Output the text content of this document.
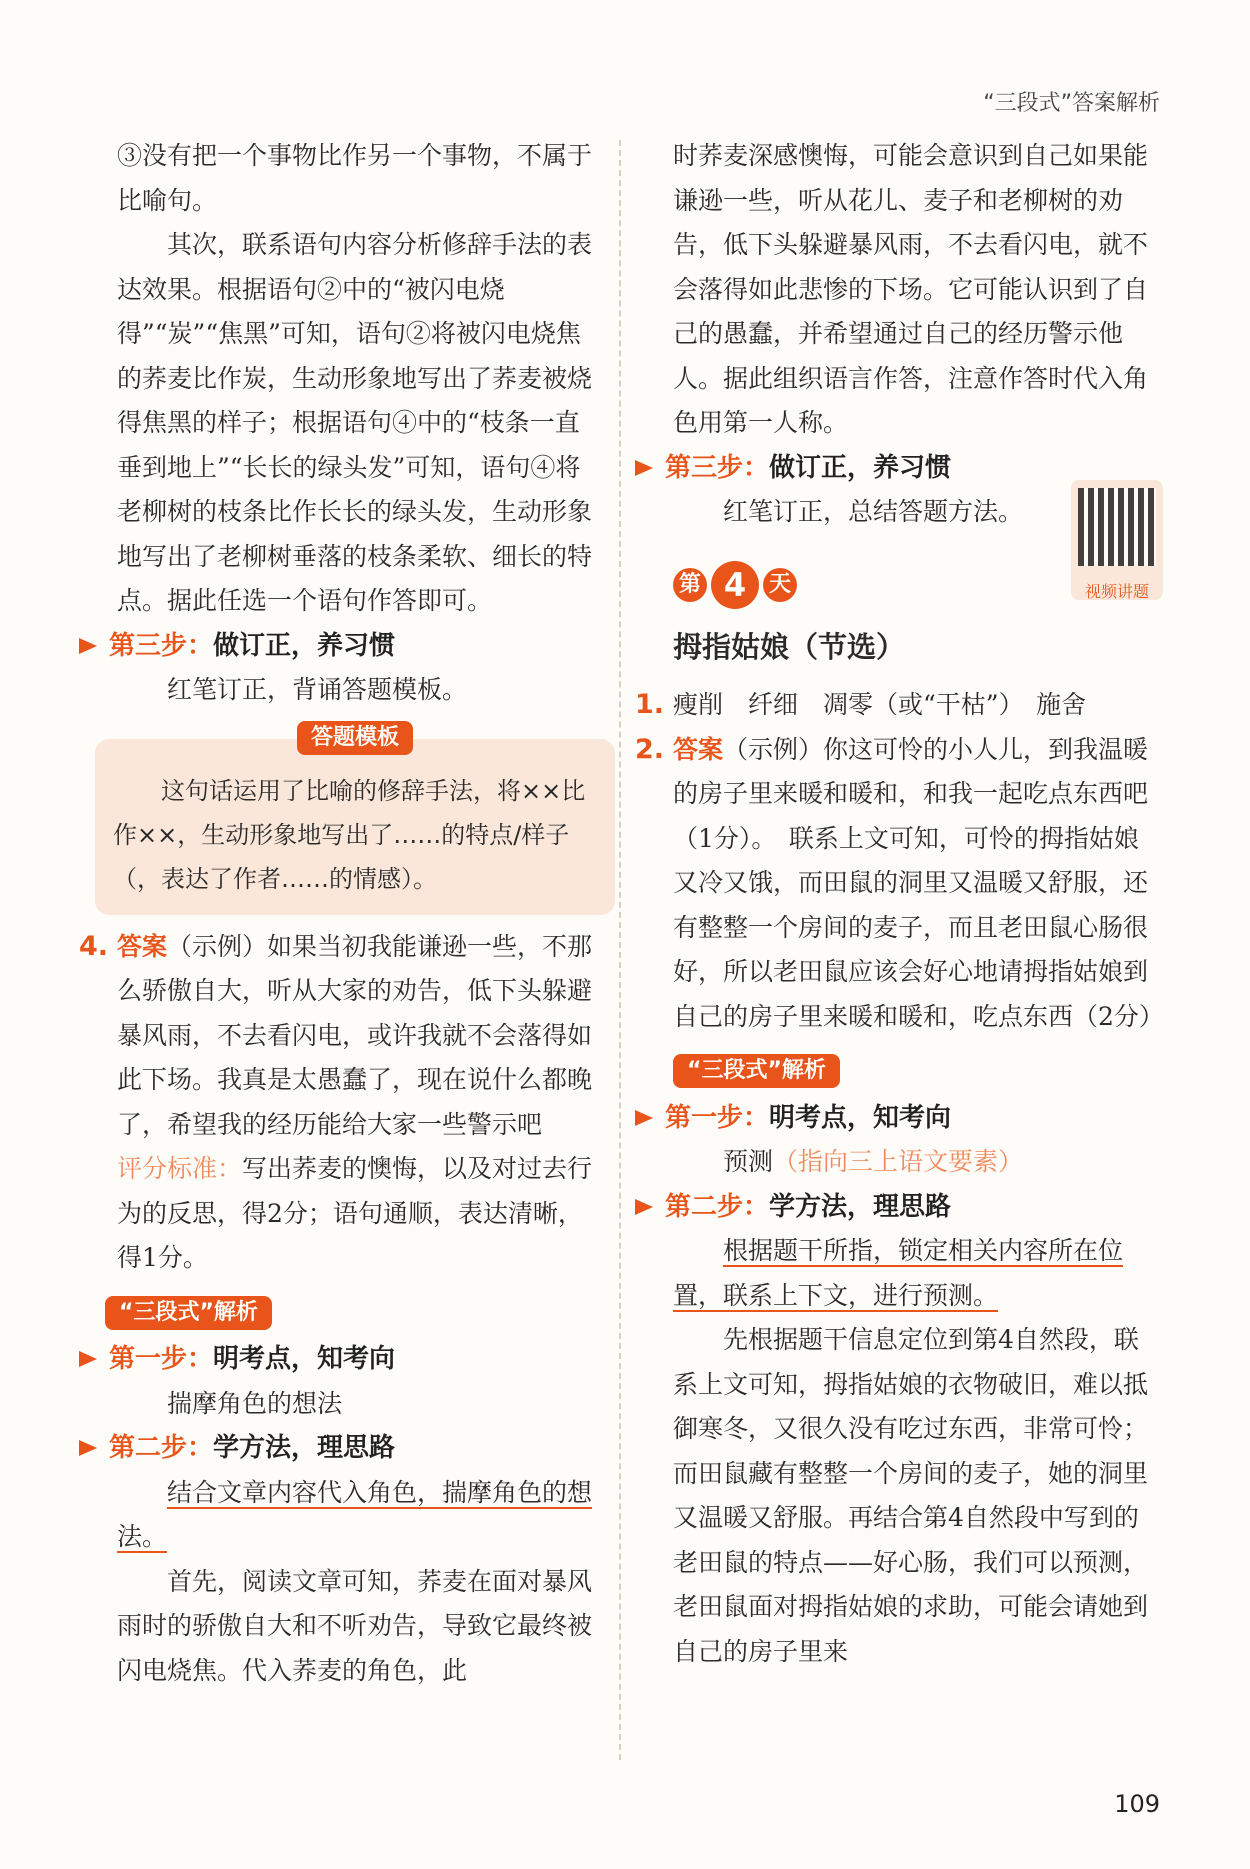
“三段式”答案解析

③没有把一个事物比作另一个事物，不属于比喻句。

其次，联系语句内容分析修辞手法的表达效果。根据语句②中的“被闪电烧得”“炭”“焦黑”可知，语句②将被闪电烧焦的荞麦比作炭，生动形象地写出了荞麦被烧得焦黑的样子；根据语句④中的“枝条一直垂到地上”“长长的绿头发”可知，语句④将老柳树的枝条比作长长的绿头发，生动形象地写出了老柳树垂落的枝条柔软、细长的特点。据此任选一个语句作答即可。

第三步： 做订正，养习惯

红笔订正，背诵答题模板。

答题模板
这句话运用了比喻的修辞手法，将××比作××，生动形象地写出了……的特点/样子（，表达了作者……的情感）。

4. 答案（示例）如果当初我能谦逊一些，不那么骄傲自大，听从大家的劝告，低下头躲避暴风雨，不去看闪电，或许我就不会落得如此下场。我真是太愚蠢了，现在说什么都晚了，希望我的经历能给大家一些警示吧

评分标准：写出荞麦的懊悔，以及对过去行为的反思，得2分；语句通顺，表达清晰，得1分。

“三段式”解析
第一步： 明考点，知考向

揣摩角色的想法

第二步： 学方法，理思路

结合文章内容代入角色，揣摩角色的想法。

首先，阅读文章可知，荞麦在面对暴风雨时的骄傲自大和不听劝告，导致它最终被闪电烧焦。代入荞麦的角色，此

时荞麦深感懊悔，可能会意识到自己如果能谦逊一些，听从花儿、麦子和老柳树的劝告，低下头躲避暴风雨，不去看闪电，就不会落得如此悲惨的下场。它可能认识到了自己的愚蠢，并希望通过自己的经历警示他人。据此组织语言作答，注意作答时代入角色用第一人称。

第三步： 做订正，养习惯

红笔订正，总结答题方法。

第 4	天
拇指姑娘（节选）
视频讲题

1. 瘦削　纤细　凋零（或“干枯”）　施舍

2. 答案（示例）你这可怜的小人儿，到我温暖的房子里来暖和暖和，和我一起吃点东西吧（1分）。　联系上文可知，可怜的拇指姑娘又冷又饿，而田鼠的洞里又温暖又舒服，还有整整一个房间的麦子，而且老田鼠心肠很好，所以老田鼠应该会好心地请拇指姑娘到自己的房子里来暖和暖和，吃点东西（2分）

“三段式”解析
第一步： 明考点，知考向

预测（指向三上语文要素）

第二步： 学方法，理思路

根据题干所指，锁定相关内容所在位置，联系上下文，进行预测。

先根据题干信息定位到第4自然段，联系上文可知，拇指姑娘的衣物破旧，难以抵御寒冬，又很久没有吃过东西，非常可怜；而田鼠藏有整整一个房间的麦子，她的洞里又温暖又舒服。再结合第4自然段中写到的老田鼠的特点——好心肠，我们可以预测，老田鼠面对拇指姑娘的求助，可能会请她到自己的房子里来

109
